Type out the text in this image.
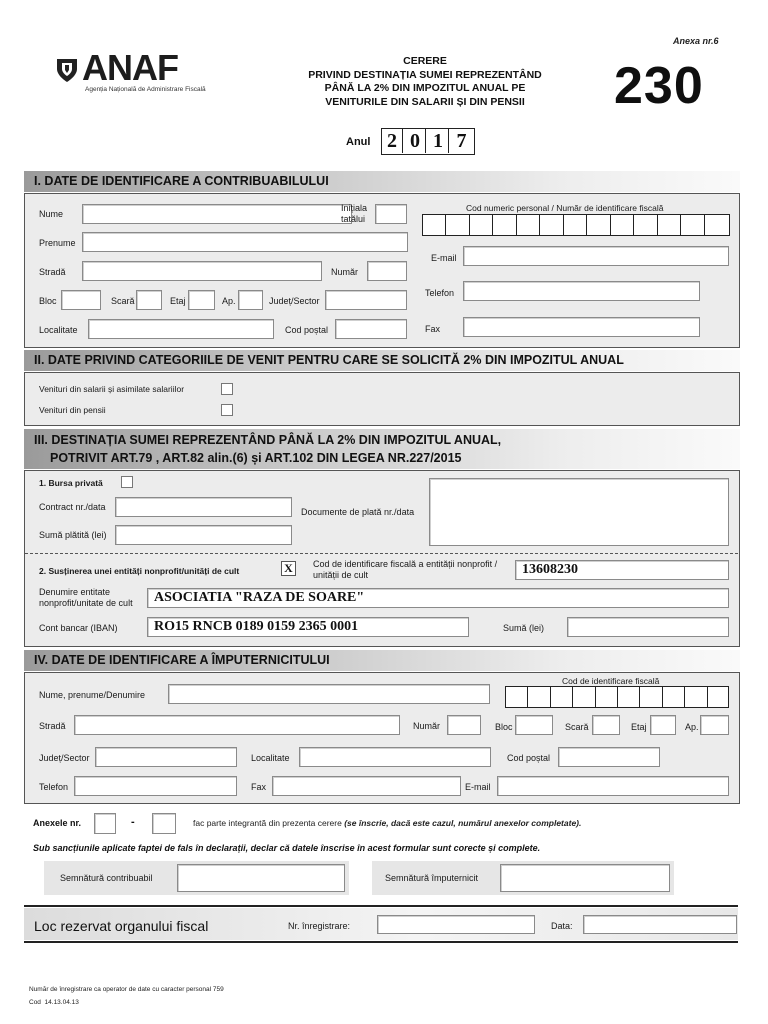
ANAF
Agenția Națională de Administrare Fiscală
CERERE
PRIVIND DESTINAȚIA SUMEI REPREZENTÂND
PÂNĂ LA 2% DIN IMPOZITUL ANUAL PE
VENITURILE DIN SALARII ȘI DIN PENSII
Anexa nr.6
230
Anul 2 0 1 7
I. DATE DE IDENTIFICARE A CONTRIBUABILULUI
Nume
Inițiala
tatălui
Prenume
Stradă	Număr
Bloc	Scară	Etaj	Ap.	Județ/Sector
Localitate	Cod poștal
Cod numeric personal / Număr de identificare fiscală
E-mail
Telefon
Fax
II. DATE PRIVIND CATEGORIILE DE VENIT PENTRU CARE SE SOLICITĂ 2% DIN IMPOZITUL ANUAL
Venituri din salarii și asimilate salariilor
Venituri din pensii
III. DESTINAȚIA SUMEI REPREZENTÂND PÂNĂ LA 2% DIN IMPOZITUL ANUAL,
POTRIVIT ART.79 , ART.82 alin.(6) și ART.102 DIN LEGEA NR.227/2015
1. Bursa privată
Contract nr./data
Sumă plătită (lei)
Documente de plată nr./data
2. Susținerea unei entități nonprofit/unități de cult	X	Cod de identificare fiscală a entității nonprofit /
unității de cult	13608230
Denumire entitate
nonprofit/unitate de cult	ASOCIATIA "RAZA DE SOARE"
Cont bancar (IBAN)	RO15 RNCB 0189 0159 2365 0001	Sumă (lei)
IV. DATE DE IDENTIFICARE A ÎMPUTERNICITULUI
Nume, prenume/Denumire
Cod de identificare fiscală
Stradă	Număr	Bloc	Scară	Etaj	Ap.
Județ/Sector	Localitate	Cod poștal
Telefon	Fax	E-mail
Anexele nr.	-	fac parte integrantă din prezenta cerere (se înscrie, dacă este cazul, numărul anexelor completate).
Sub sancțiunile aplicate faptei de fals în declarații, declar că datele înscrise în acest formular sunt corecte și complete.
Semnătură contribuabil	Semnătură împuternicit
Loc rezervat organului fiscal	Nr. înregistrare:	Data:
Număr de înregistrare ca operator de date cu caracter personal 759
Cod  14.13.04.13
